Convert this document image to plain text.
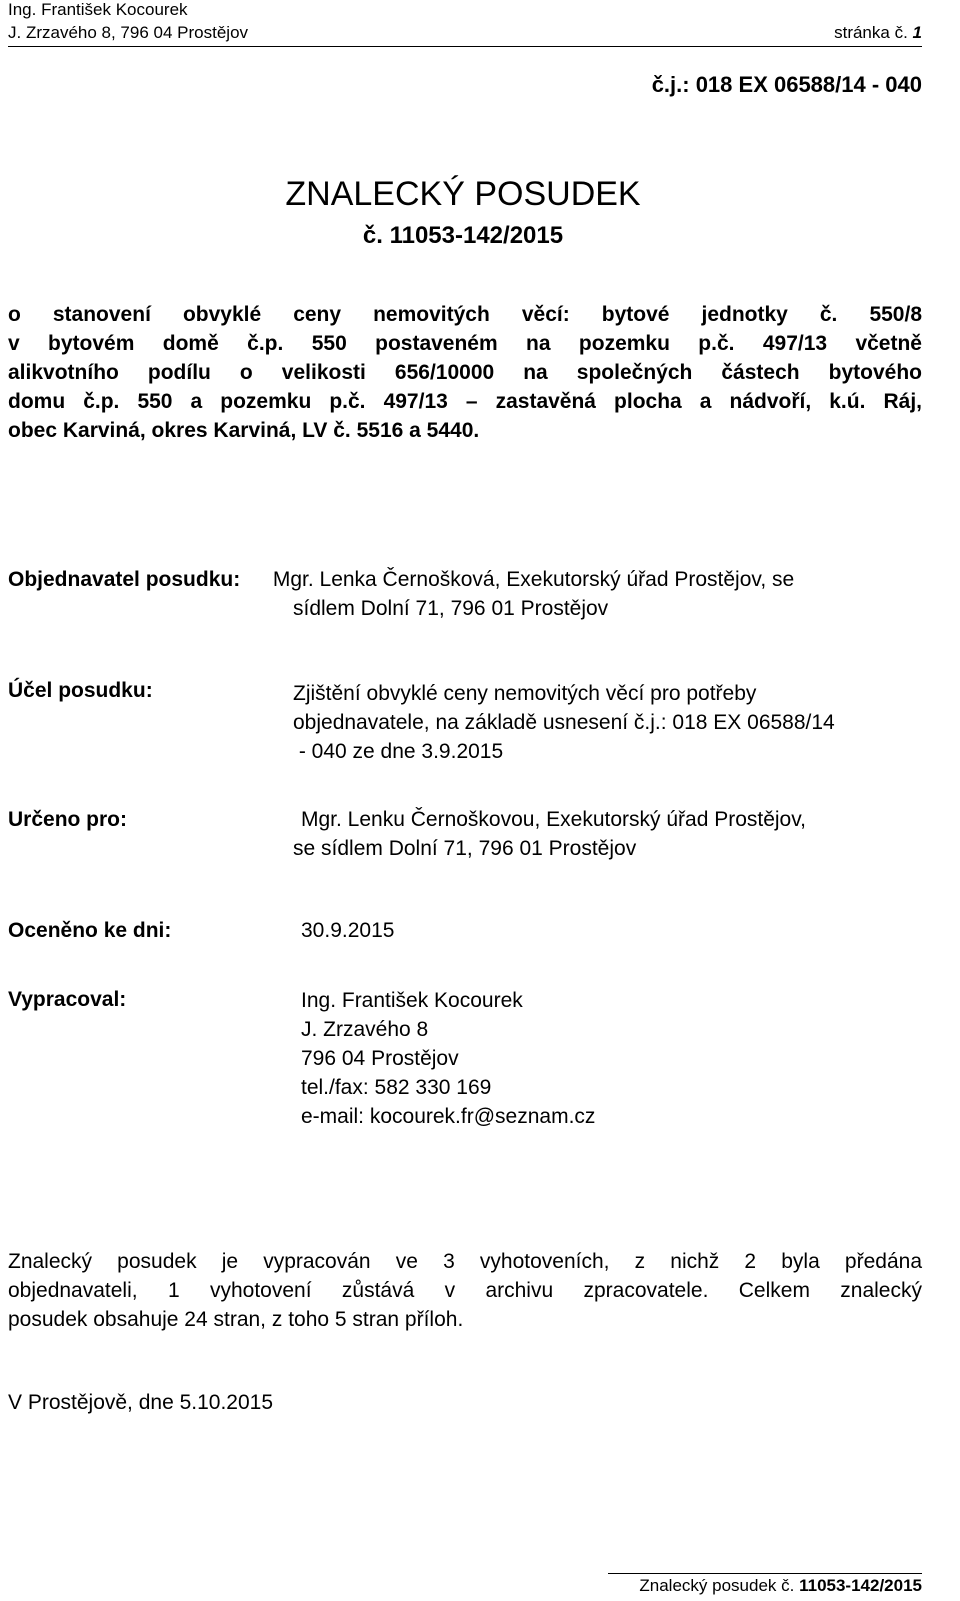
Ing. František Kocourek
J. Zrzavého 8, 796 04 Prostějov	stránka č. 1
č.j.: 018 EX 06588/14 - 040
ZNALECKÝ POSUDEK
č. 11053-142/2015
o stanovení obvyklé ceny nemovitých věcí: bytové jednotky č. 550/8
v bytovém domě č.p. 550 postaveném na pozemku p.č. 497/13 včetně
alikvotního podílu o velikosti 656/10000 na společných částech bytového
domu č.p. 550 a pozemku p.č. 497/13 – zastavěná plocha a nádvoří, k.ú. Ráj,
obec Karviná, okres Karviná, LV č. 5516 a 5440.
Objednavatel posudku: Mgr. Lenka Černošková, Exekutorský úřad Prostějov, se
sídlem Dolní 71, 796 01 Prostějov
Účel posudku:	Zjištění obvyklé ceny nemovitých věcí pro potřeby
objednavatele, na základě usnesení č.j.: 018 EX 06588/14
- 040 ze dne 3.9.2015
Určeno pro:	Mgr. Lenku Černoškovou, Exekutorský úřad Prostějov,
se sídlem Dolní 71, 796 01 Prostějov
Oceněno ke dni:	30.9.2015
Vypracoval:	Ing. František Kocourek
J. Zrzavého 8
796 04 Prostějov
tel./fax: 582 330 169
e-mail: kocourek.fr@seznam.cz
Znalecký posudek je vypracován ve 3 vyhotoveních, z nichž 2 byla předána
objednavateli, 1 vyhotovení zůstává v archivu zpracovatele. Celkem znalecký
posudek obsahuje 24 stran, z toho 5 stran příloh.
V Prostějově, dne 5.10.2015
Znalecký posudek č. 11053-142/2015
